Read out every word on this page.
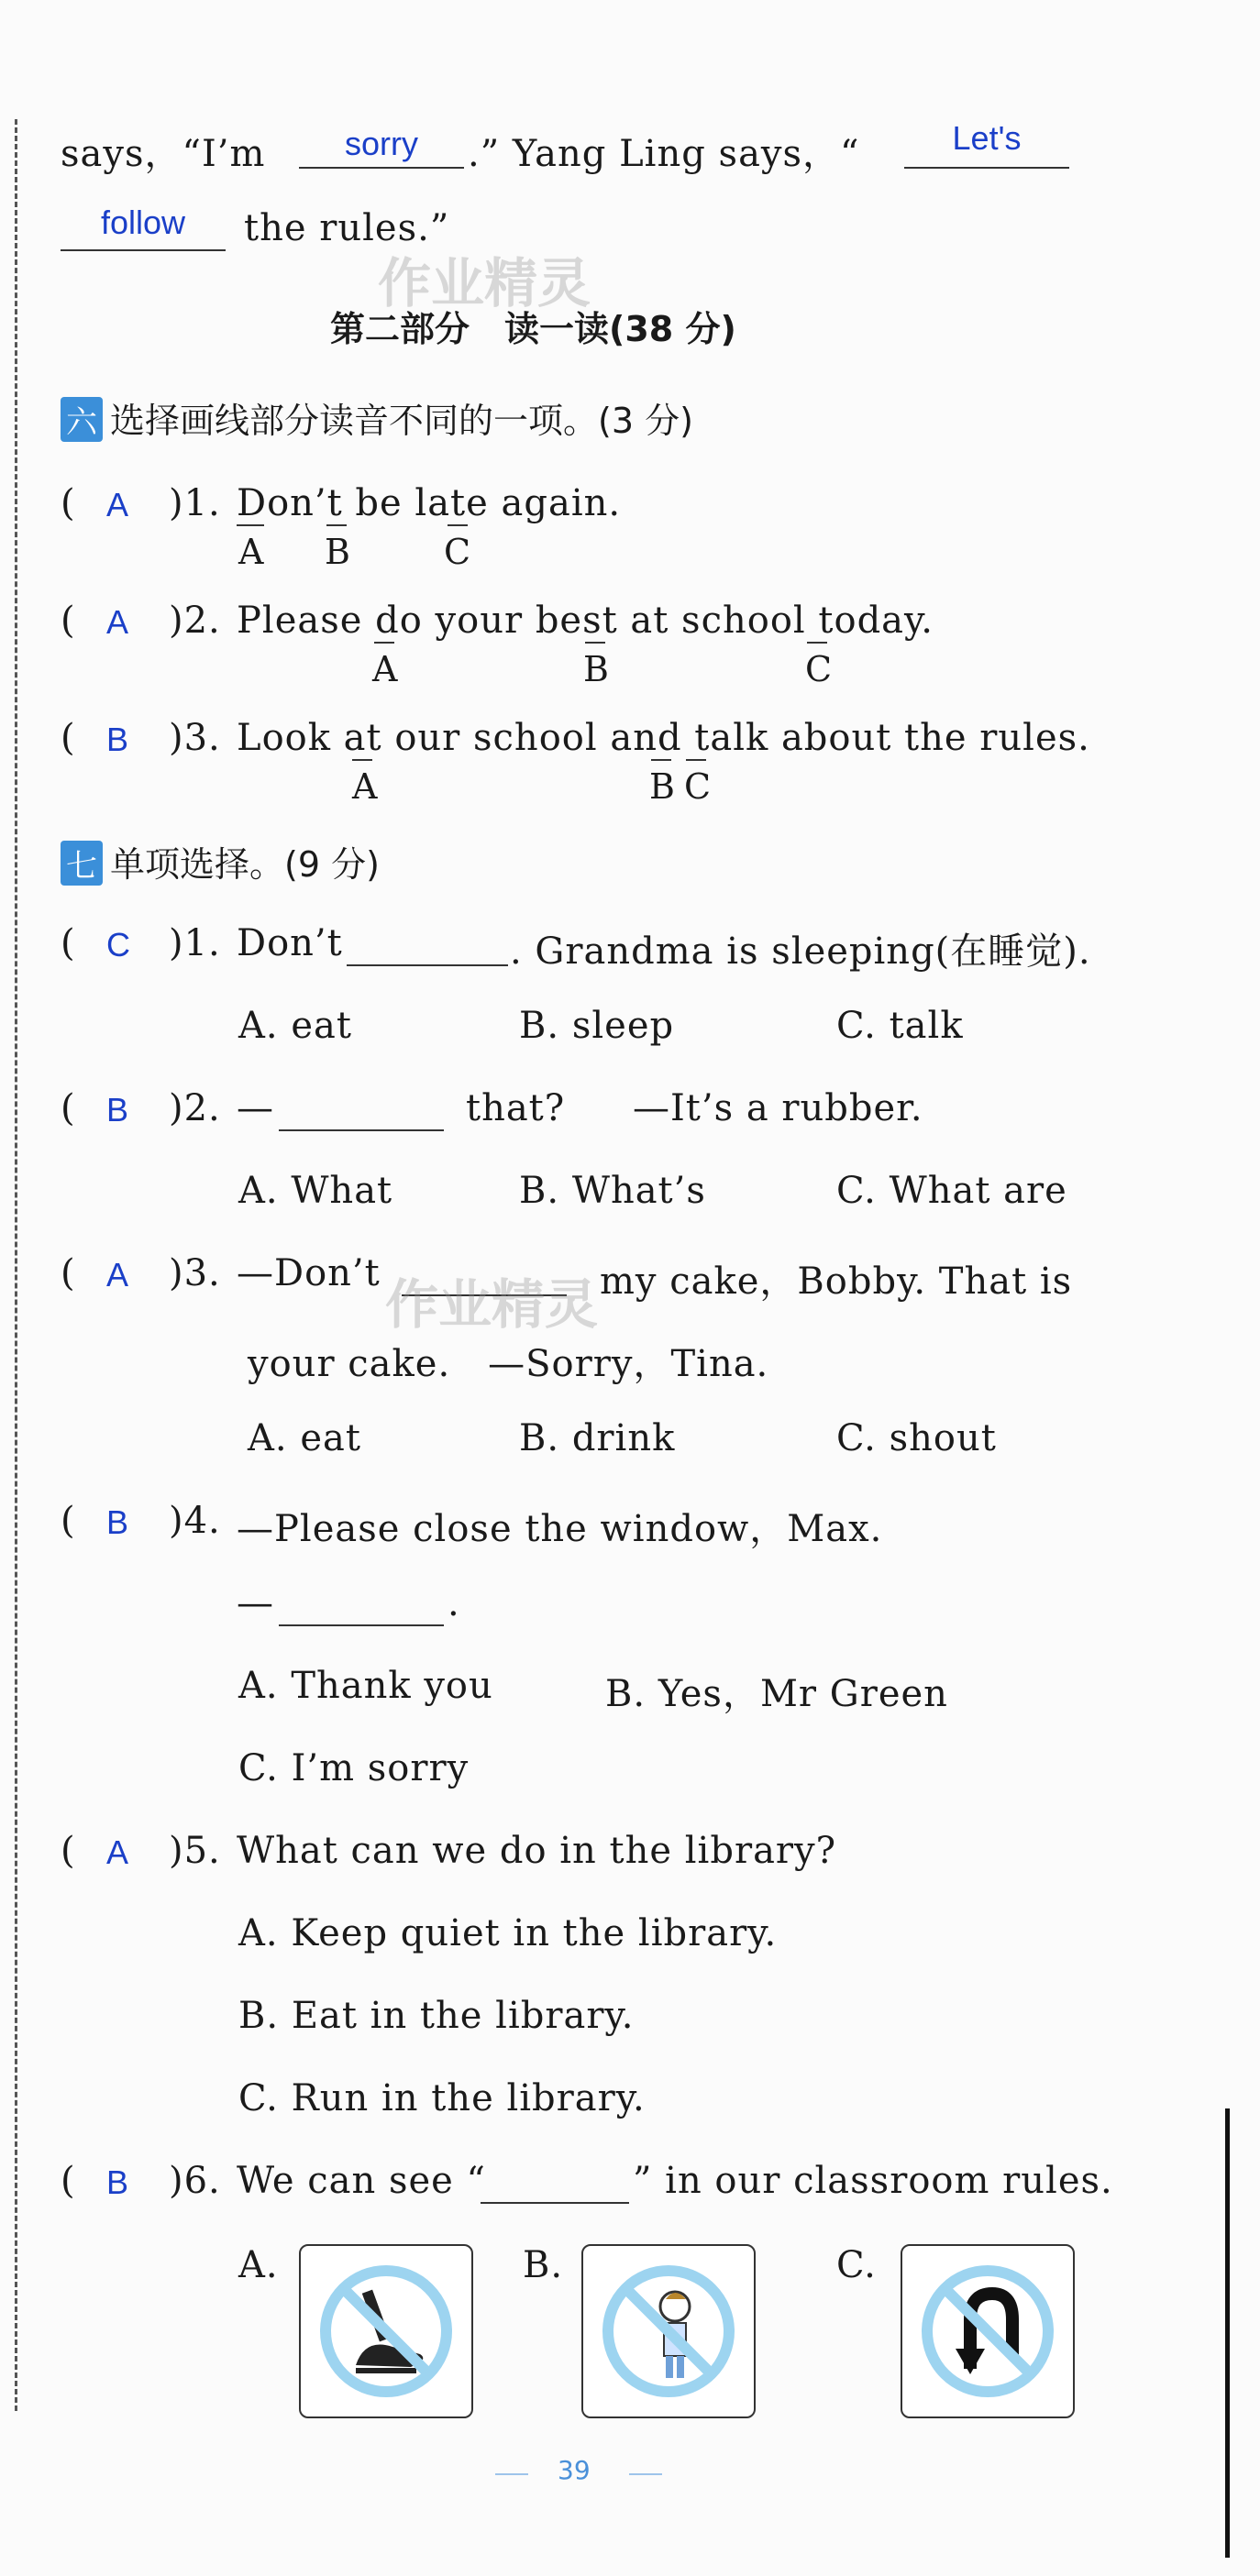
says，“I’m	sorry	.” Yang Ling says，“	Let's
follow	the rules.”
第二部分　读一读(38 分)
六 选择画线部分读音不同的一项。(3 分)
( A )1. Don’t be late again.
A B	C
( A )2. Please do your best at school today.
A	B	C
( B )3. Look at our school and talk about the rules.
A	B C
七 单项选择。(9 分)
( C )1. Don’t	. Grandma is sleeping(在睡觉).
A. eat	B. sleep	C. talk
( B )2. —	that? —It’s a rubber.
A. What	B. What’s	C. What are
( A )3. —Don’t	my cake，Bobby. That is
your cake.　—Sorry，Tina.
A. eat	B. drink	C. shout
( B )4. —Please close the window，Max.
—	.
A. Thank you	B. Yes，Mr Green
C. I’m sorry
( A )5. What can we do in the library?
A. Keep quiet in the library.
B. Eat in the library.
C. Run in the library.
( B )6. We can see “	” in our classroom rules.
A.	B.	C.
作业精灵
作业精灵
39
